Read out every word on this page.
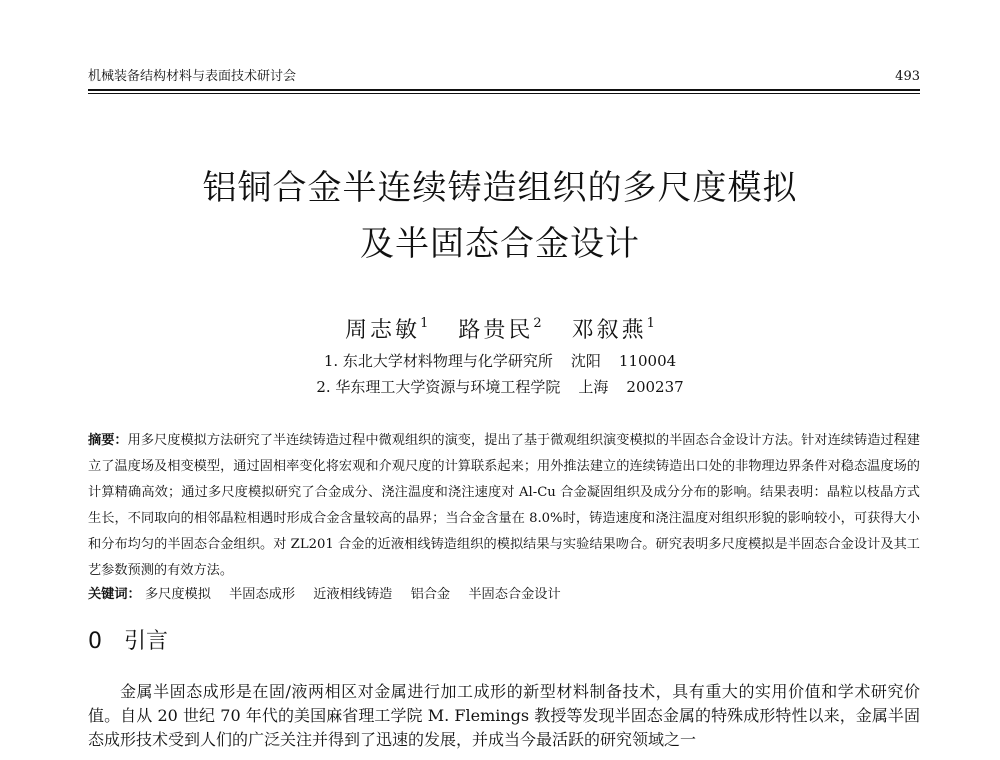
机械装备结构材料与表面技术研讨会	493
铝铜合金半连续铸造组织的多尺度模拟
及半固态合金设计
周志敏$^1$ 路贵民$^2$ 邓叙燕$^1$
1. 东北大学材料物理与化学研究所 沈阳 110004
2. 华东理工大学资源与环境工程学院 上海 200237
摘要：用多尺度模拟方法研究了半连续铸造过程中微观组织的演变，提出了基于微观组织演变模拟的半固态合金设计方法。针对连续铸造过程建立了温度场及相变模型，通过固相率变化将宏观和介观尺度的计算联系起来；用外推法建立的连续铸造出口处的非物理边界条件对稳态温度场的计算精确高效；通过多尺度模拟研究了合金成分、浇注温度和浇注速度对 Al-Cu 合金凝固组织及成分分布的影响。结果表明：晶粒以枝晶方式生长，不同取向的相邻晶粒相遇时形成合金含量较高的晶界；当合金含量在 8.0%时，铸造速度和浇注温度对组织形貌的影响较小，可获得大小和分布均匀的半固态合金组织。对 ZL201 合金的近液相线铸造组织的模拟结果与实验结果吻合。研究表明多尺度模拟是半固态合金设计及其工艺参数预测的有效方法。
关键词： 多尺度模拟 半固态成形 近液相线铸造 铝合金 半固态合金设计
0 引言

金属半固态成形是在固/液两相区对金属进行加工成形的新型材料制备技术，具有重大的实用价值和学术研究价值。自从 20 世纪 70 年代的美国麻省理工学院 M. Flemings 教授等发现半固态金属的特殊成形特性以来，金属半固态成形技术受到人们的广泛关注并得到了迅速的发展，并成当今最活跃的研究领域之一
